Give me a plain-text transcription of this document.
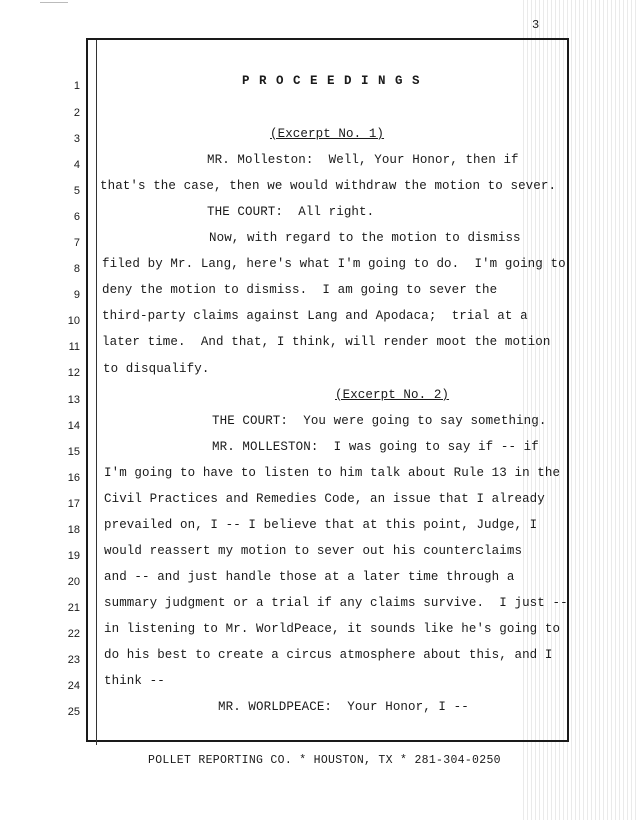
3
1
2
3
4
5
6
7
8
9
10
11
12
13
14
15
16
17
18
19
20
21
22
23
24
25
P R O C E E D I N G S
(Excerpt No. 1)
MR. Molleston:  Well, Your Honor, then if
that's the case, then we would withdraw the motion to sever.
THE COURT:  All right.
Now, with regard to the motion to dismiss
filed by Mr. Lang, here's what I'm going to do.  I'm going to
deny the motion to dismiss.  I am going to sever the
third-party claims against Lang and Apodaca;  trial at a
later time.  And that, I think, will render moot the motion
to disqualify.
(Excerpt No. 2)
THE COURT:  You were going to say something.
MR. MOLLESTON:  I was going to say if -- if
I'm going to have to listen to him talk about Rule 13 in the
Civil Practices and Remedies Code, an issue that I already
prevailed on, I -- I believe that at this point, Judge, I
would reassert my motion to sever out his counterclaims
and -- and just handle those at a later time through a
summary judgment or a trial if any claims survive.  I just --
in listening to Mr. WorldPeace, it sounds like he's going to
do his best to create a circus atmosphere about this, and I
think --
MR. WORLDPEACE:  Your Honor, I --
POLLET REPORTING CO. * HOUSTON, TX * 281-304-0250
